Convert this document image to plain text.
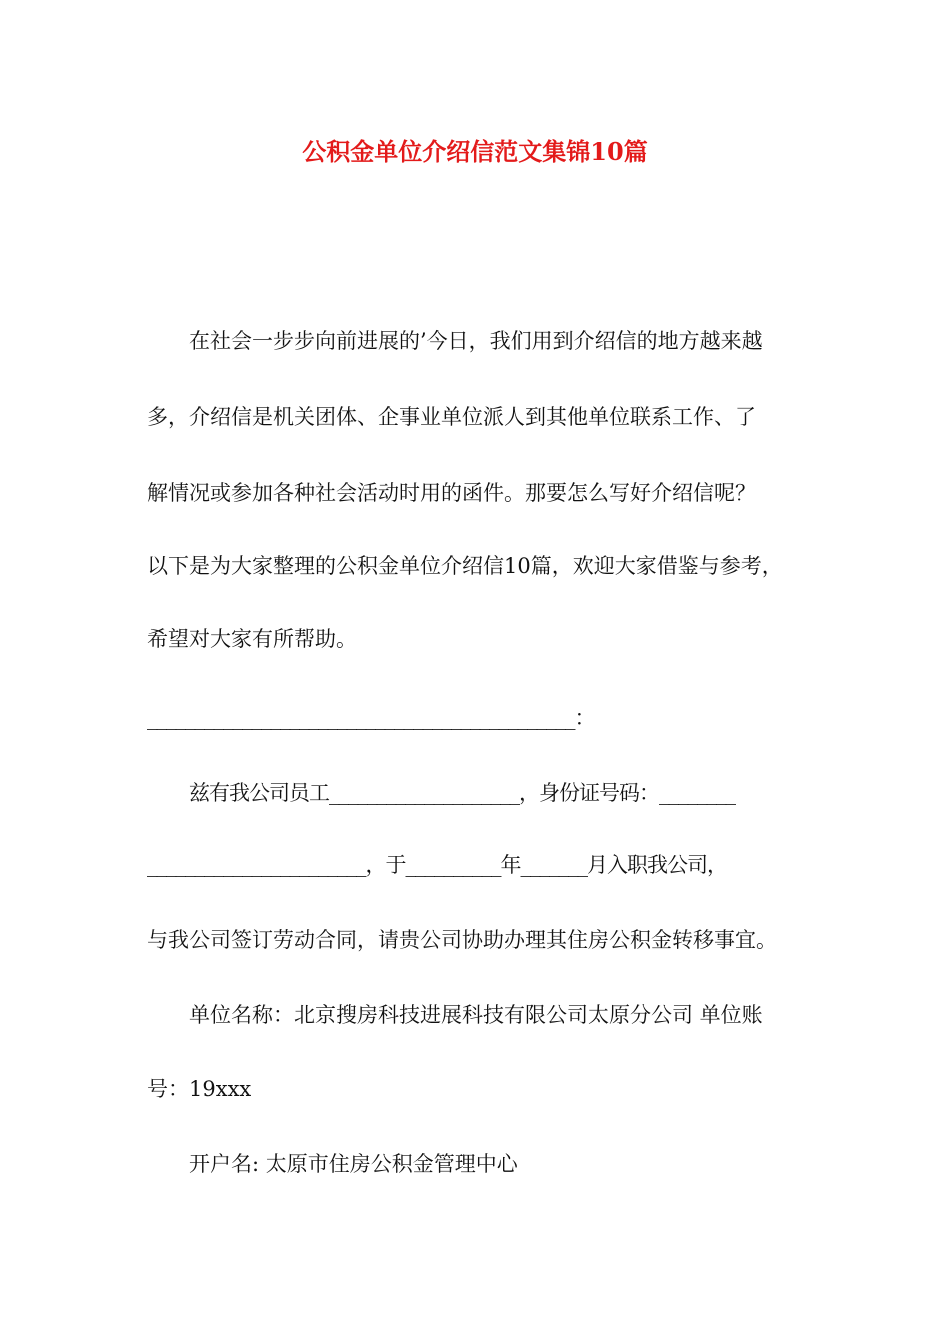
公积金单位介绍信范文集锦10篇

在社会一步步向前进展的’今日，我们用到介绍信的地方越来越

多，介绍信是机关团体、企事业单位派人到其他单位联系工作、了

解情况或参加各种社会活动时用的函件。那要怎么写好介绍信呢？

以下是为大家整理的公积金单位介绍信10篇，欢迎大家借鉴与参考，

希望对大家有所帮助。

_____________________________________________：

兹有我公司员工____________________，身份证号码：________

_______________________，于__________年_______月入职我公司，

与我公司签订劳动合同，请贵公司协助办理其住房公积金转移事宜。

单位名称：北京搜房科技进展科技有限公司太原分公司 单位账

号：19xxx

开户名: 太原市住房公积金管理中心
